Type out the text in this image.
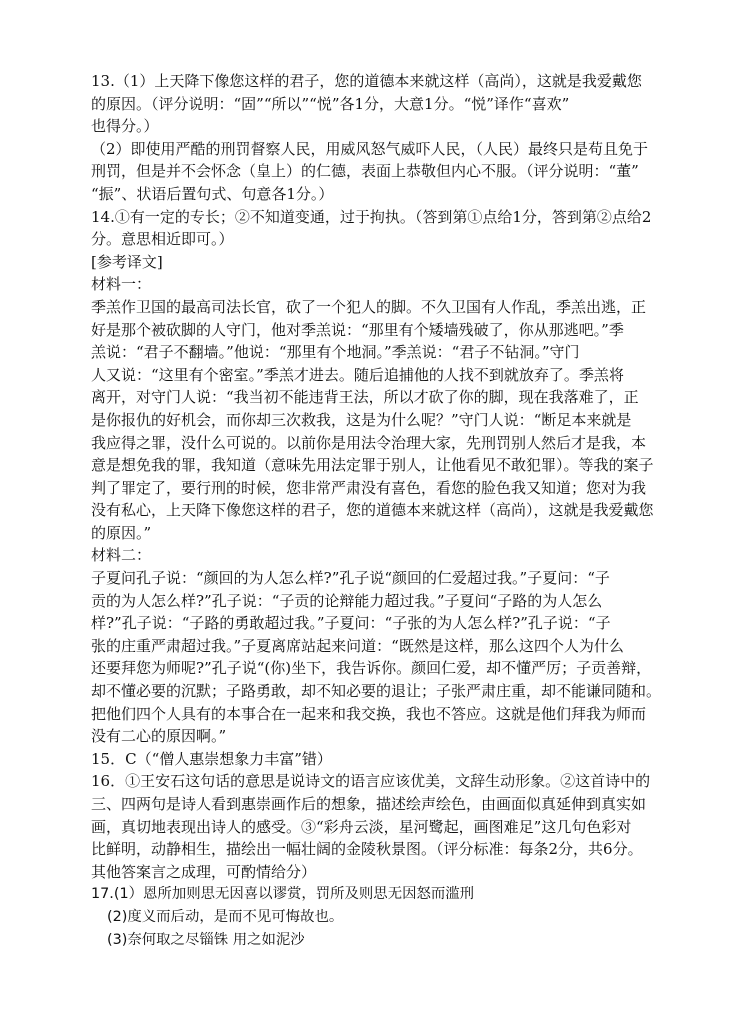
13.（1）上天降下像您这样的君子，您的道德本来就这样（高尚），这就是我爱戴您
的原因。（评分说明：“固”“所以”“悦”各1分，大意1分。“悦”译作“喜欢”
也得分。）
（2）即使用严酷的刑罚督察人民，用威风怒气威吓人民，（人民）最终只是苟且免于
刑罚，但是并不会怀念（皇上）的仁德，表面上恭敬但内心不服。（评分说明：“董”
“振”、状语后置句式、句意各1分。）
14.①有一定的专长；②不知道变通，过于拘执。（答到第①点给1分，答到第②点给2
分。意思相近即可。）
[参考译文]
材料一：
季羔作卫国的最高司法长官，砍了一个犯人的脚。不久卫国有人作乱，季羔出逃，正
好是那个被砍脚的人守门，他对季羔说：“那里有个矮墙残破了，你从那逃吧。”季
羔说：“君子不翻墙。”他说：“那里有个地洞。”季羔说：“君子不钻洞。”守门
人又说：“这里有个密室。”季羔才进去。随后追捕他的人找不到就放弃了。季羔将
离开，对守门人说：“我当初不能违背王法，所以才砍了你的脚，现在我落难了，正
是你报仇的好机会，而你却三次救我，这是为什么呢？”守门人说：“断足本来就是
我应得之罪，没什么可说的。以前你是用法令治理大家，先刑罚别人然后才是我，本
意是想免我的罪，我知道（意味先用法定罪于别人，让他看见不敢犯罪）。等我的案子
判了罪定了，要行刑的时候，您非常严肃没有喜色，看您的脸色我又知道；您对为我
没有私心，上天降下像您这样的君子，您的道德本来就这样（高尚），这就是我爱戴您
的原因。”
材料二：
子夏问孔子说：“颜回的为人怎么样?”孔子说“颜回的仁爱超过我。”子夏问：“子
贡的为人怎么样?”孔子说：“子贡的论辩能力超过我。”子夏问“子路的为人怎么
样?”孔子说：“子路的勇敢超过我。”子夏问：“子张的为人怎么样?”孔子说：“子
张的庄重严肃超过我。”子夏离席站起来问道：“既然是这样，那么这四个人为什么
还要拜您为师呢?”孔子说“(你)坐下，我告诉你。颜回仁爱，却不懂严厉；子贡善辩，
却不懂必要的沉默；子路勇敢，却不知必要的退让；子张严肃庄重，却不能谦同随和。
把他们四个人具有的本事合在一起来和我交换，我也不答应。这就是他们拜我为师而
没有二心的原因啊。”
15．C（“僧人惠崇想象力丰富”错）
16．①王安石这句话的意思是说诗文的语言应该优美，文辞生动形象。②这首诗中的
三、四两句是诗人看到惠崇画作后的想象，描述绘声绘色，由画面似真延伸到真实如
画，真切地表现出诗人的感受。③“彩舟云淡，星河鹭起，画图难足”这几句色彩对
比鲜明，动静相生，描绘出一幅壮阔的金陵秋景图。（评分标准：每条2分，共6分。
其他答案言之成理，可酌情给分）
17.(1）恩所加则思无因喜以谬赏，罚所及则思无因怒而滥刑
(2)度义而后动，是而不见可悔故也。
(3)奈何取之尽锱铢 用之如泥沙
